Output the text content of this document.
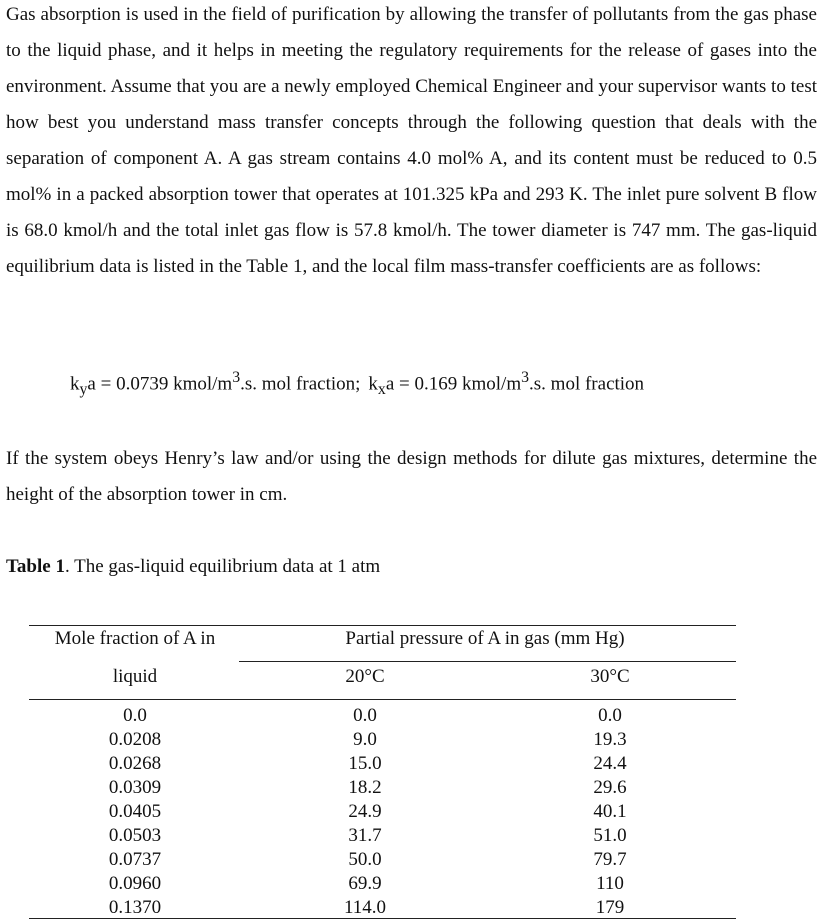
Gas absorption is used in the field of purification by allowing the transfer of pollutants from the gas phase to the liquid phase, and it helps in meeting the regulatory requirements for the release of gases into the environment. Assume that you are a newly employed Chemical Engineer and your supervisor wants to test how best you understand mass transfer concepts through the following question that deals with the separation of component A. A gas stream contains 4.0 mol% A, and its content must be reduced to 0.5 mol% in a packed absorption tower that operates at 101.325 kPa and 293 K. The inlet pure solvent B flow is 68.0 kmol/h and the total inlet gas flow is 57.8 kmol/h. The tower diameter is 747 mm. The gas-liquid equilibrium data is listed in the Table 1, and the local film mass-transfer coefficients are as follows:

$k_ya = 0.0739$ kmol/$m^3.s$. mol fraction; $k_xa = 0.169$ kmol/$m^3.s$. mol fraction

If the system obeys Henry’s law and/or using the design methods for dilute gas mixtures, determine the height of the absorption tower in cm.

Table 1. The gas-liquid equilibrium data at 1 atm
Mole fraction of A in
liquid
Partial pressure of A in gas (mm Hg)
20°C	30°C
0.0
0.0208
0.0268
0.0309
0.0405
0.0503
0.0737
0.0960
0.1370
0.0
9.0
15.0
18.2
24.9
31.7
50.0
69.9
114.0
0.0
19.3
24.4
29.6
40.1
51.0
79.7
110
179
